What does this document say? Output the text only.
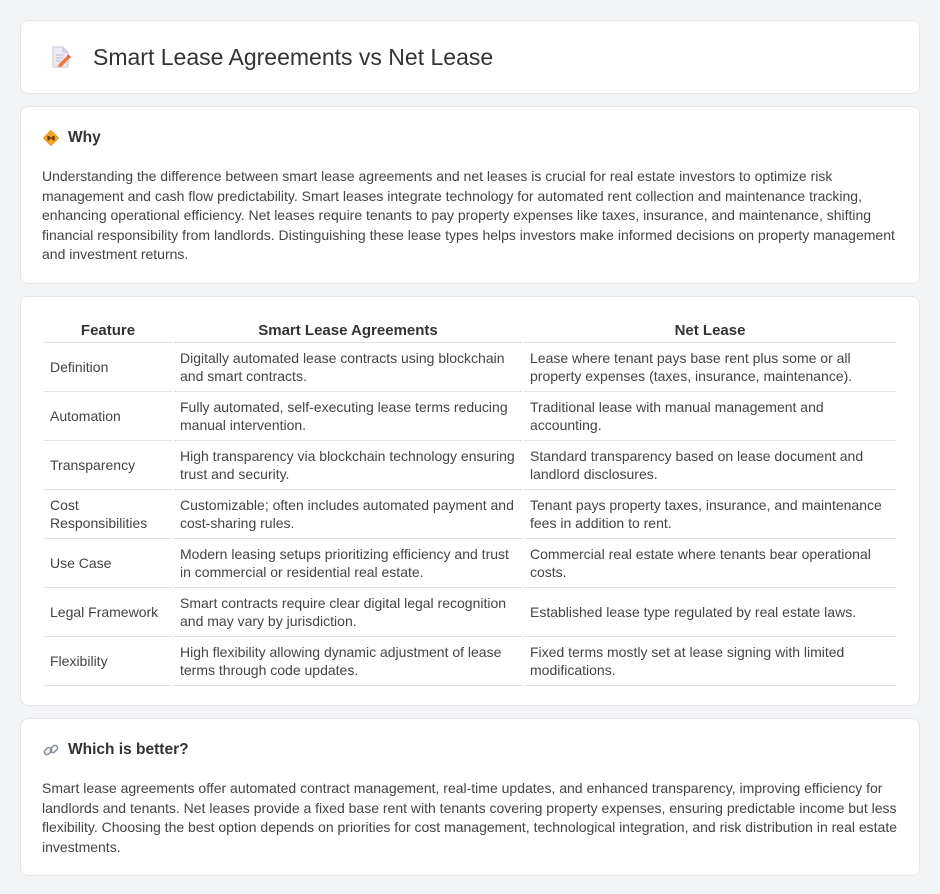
Smart Lease Agreements vs Net Lease
Why

Understanding the difference between smart lease agreements and net leases is crucial for real estate investors to optimize risk management and cash flow predictability. Smart leases integrate technology for automated rent collection and maintenance tracking, enhancing operational efficiency. Net leases require tenants to pay property expenses like taxes, insurance, and maintenance, shifting financial responsibility from landlords. Distinguishing these lease types helps investors make informed decisions on property management and investment returns.

Feature	Smart Lease Agreements	Net Lease
Definition	Digitally automated lease contracts using blockchain and smart contracts.	Lease where tenant pays base rent plus some or all property expenses (taxes, insurance, maintenance).
Automation	Fully automated, self-executing lease terms reducing manual intervention.	Traditional lease with manual management and accounting.
Transparency	High transparency via blockchain technology ensuring trust and security.	Standard transparency based on lease document and landlord disclosures.
Cost Responsibilities	Customizable; often includes automated payment and cost-sharing rules.	Tenant pays property taxes, insurance, and maintenance fees in addition to rent.
Use Case	Modern leasing setups prioritizing efficiency and trust in commercial or residential real estate.	Commercial real estate where tenants bear operational costs.
Legal Framework	Smart contracts require clear digital legal recognition and may vary by jurisdiction.	Established lease type regulated by real estate laws.
Flexibility	High flexibility allowing dynamic adjustment of lease terms through code updates.	Fixed terms mostly set at lease signing with limited modifications.
Which is better?

Smart lease agreements offer automated contract management, real-time updates, and enhanced transparency, improving efficiency for landlords and tenants. Net leases provide a fixed base rent with tenants covering property expenses, ensuring predictable income but less flexibility. Choosing the best option depends on priorities for cost management, technological integration, and risk distribution in real estate investments.
